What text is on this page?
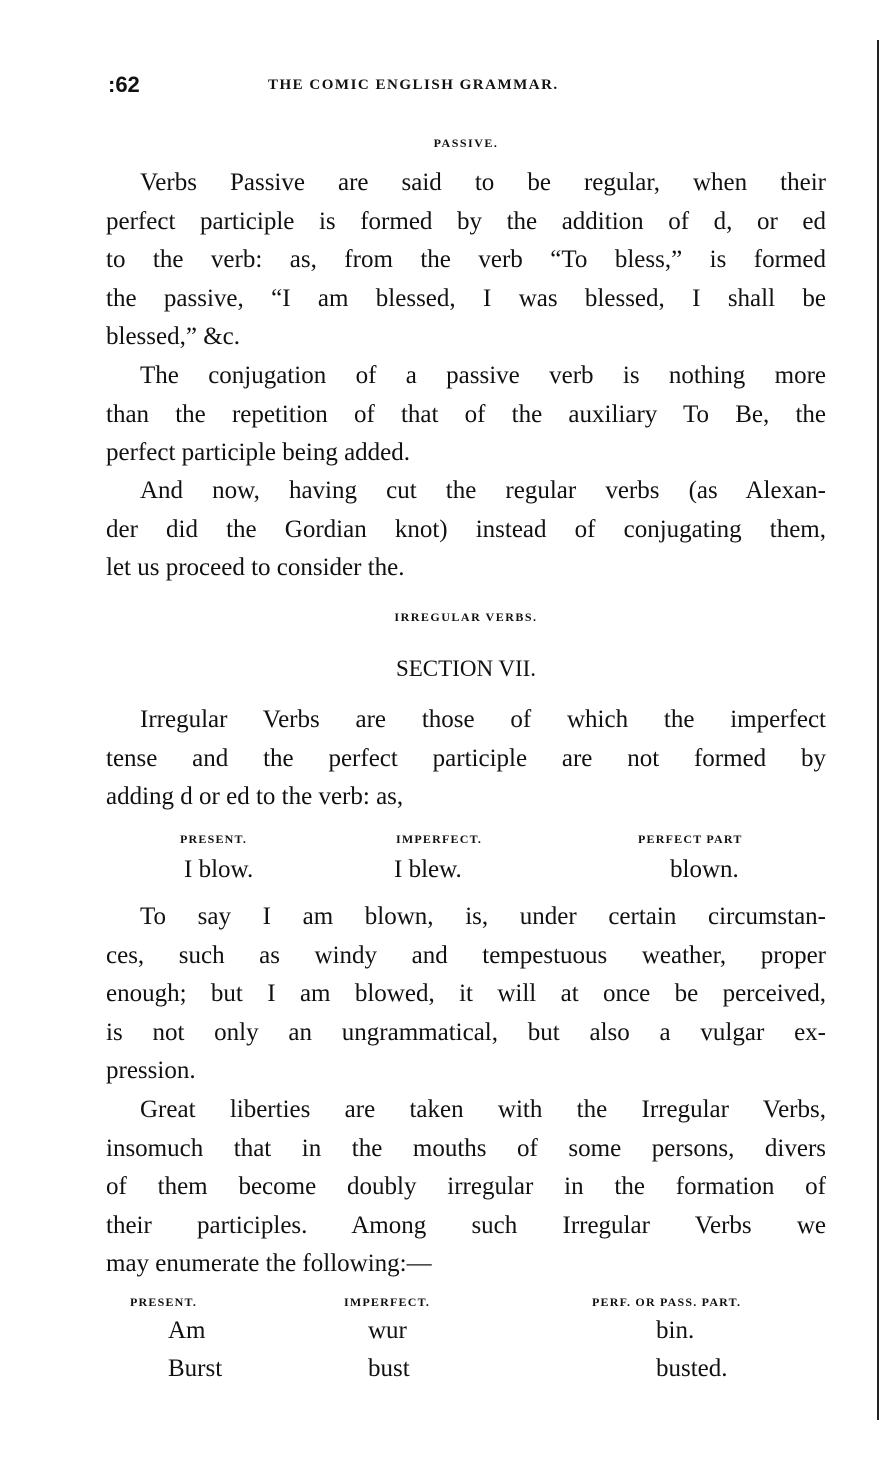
:62	THE COMIC ENGLISH GRAMMAR.
PASSIVE.
Verbs Passive are said to be regular, when their
perfect participle is formed by the addition of d, or ed
to the verb: as, from the verb “To bless,” is formed
the passive, “I am blessed, I was blessed, I shall be
blessed,” &c.
The conjugation of a passive verb is nothing more
than the repetition of that of the auxiliary To Be, the
perfect participle being added.
And now, having cut the regular verbs (as Alexan-
der did the Gordian knot) instead of conjugating them,
let us proceed to consider the.
IRREGULAR VERBS.
SECTION VII.
Irregular Verbs are those of which the imperfect
tense and the perfect participle are not formed by
adding d or ed to the verb: as,
PRESENT.	IMPERFECT.	PERFECT PART
I blow.	I blew.	blown.
To say I am blown, is, under certain circumstan-
ces, such as windy and tempestuous weather, proper
enough; but I am blowed, it will at once be perceived,
is not only an ungrammatical, but also a vulgar ex-
pression.
Great liberties are taken with the Irregular Verbs,
insomuch that in the mouths of some persons, divers
of them become doubly irregular in the formation of
their participles. Among such Irregular Verbs we
may enumerate the following:—
PRESENT.	IMPERFECT.	PERF. OR PASS. PART.
Am	wur	bin.
Burst	bust	busted.
